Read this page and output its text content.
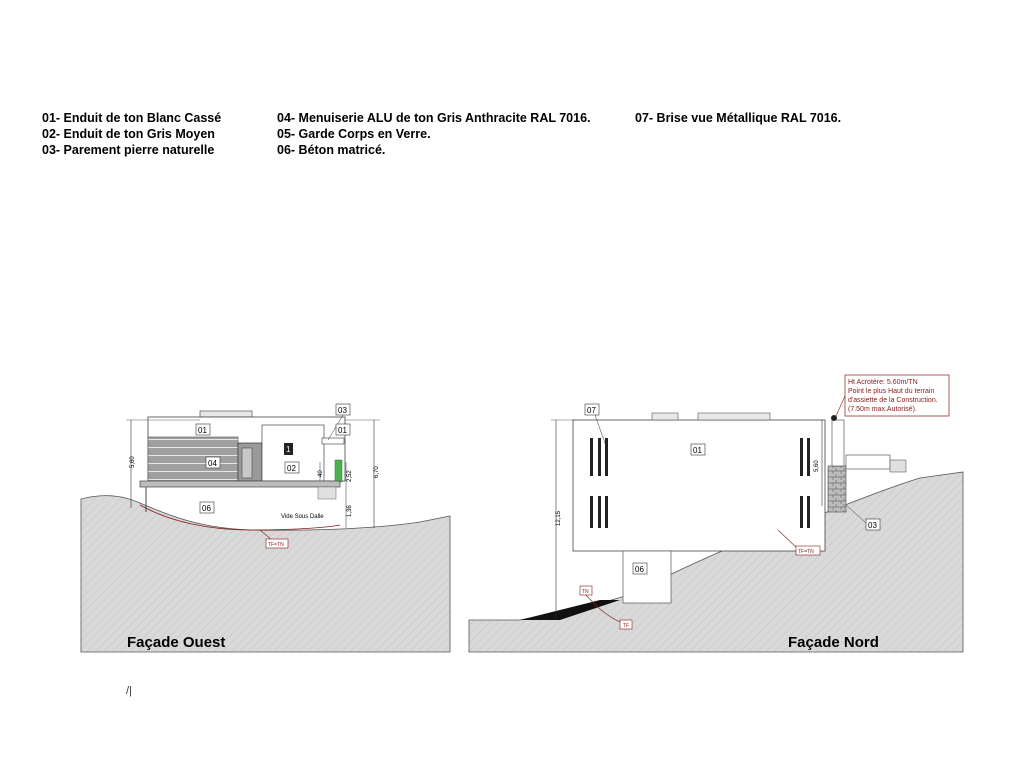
01- Enduit de ton Blanc Cassé
02- Enduit de ton Gris Moyen
03- Parement pierre naturelle
04- Menuiserie ALU de ton Gris Anthracite RAL 7016.
05- Garde Corps en Verre.
06- Béton matricé.
07- Brise vue Métallique RAL 7016.
5,60
6,70
40	2,52
1,36
01
03
01
04
02
1
06
Vide Sous Dalle
TF=TN
Façade Ouest
12,15
5,60
07
01
06
03
Ht Acrotère: 5.60m/TN
Point le plus Haut du terrain
d'assiette de la Construction.
(7.50m max.Autorisé).
TF=TN
TN
TF
Façade Nord
/|
